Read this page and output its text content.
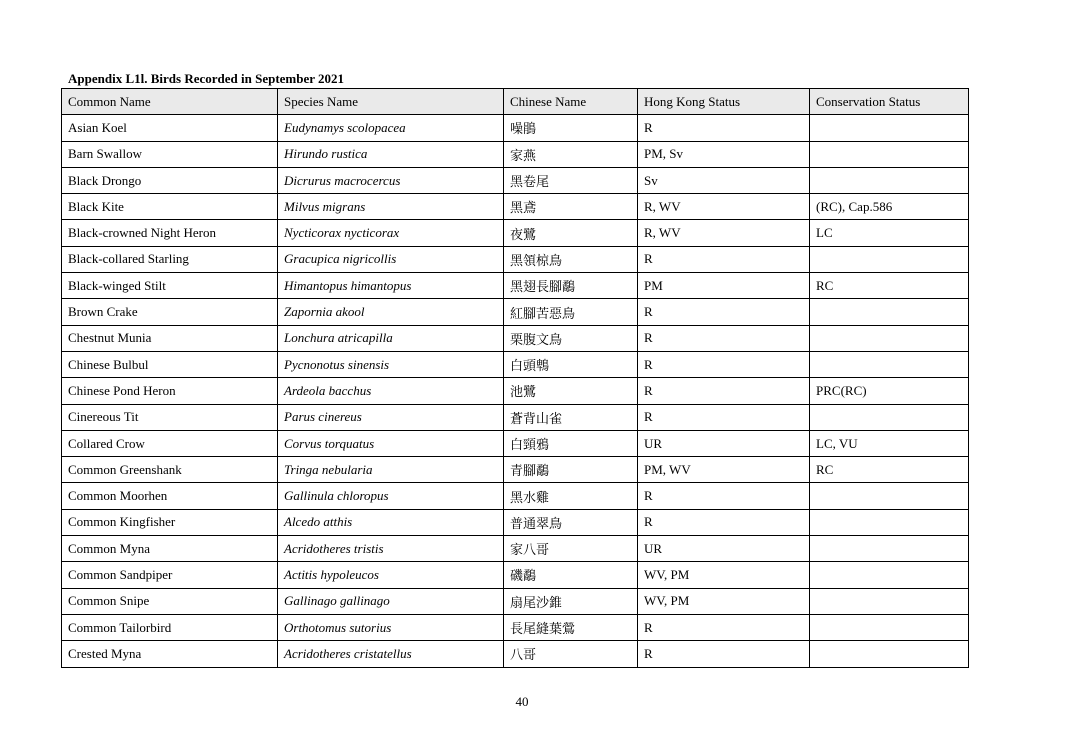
Appendix L1l. Birds Recorded in September 2021
Common Name	Species Name	Chinese Name	Hong Kong Status	Conservation Status
Asian Koel	Eudynamys scolopacea	噪鵑	R	
Barn Swallow	Hirundo rustica	家燕	PM, Sv	
Black Drongo	Dicrurus macrocercus	黑卷尾	Sv	
Black Kite	Milvus migrans	黑鳶	R, WV	(RC), Cap.586
Black-crowned Night Heron	Nycticorax nycticorax	夜鷺	R, WV	LC
Black-collared Starling	Gracupica nigricollis	黑領椋鳥	R	
Black-winged Stilt	Himantopus himantopus	黑翅長腳鷸	PM	RC
Brown Crake	Zapornia akool	紅腳苦惡鳥	R	
Chestnut Munia	Lonchura atricapilla	栗腹文鳥	R	
Chinese Bulbul	Pycnonotus sinensis	白頭鵯	R	
Chinese Pond Heron	Ardeola bacchus	池鷺	R	PRC(RC)
Cinereous Tit	Parus cinereus	蒼背山雀	R	
Collared Crow	Corvus torquatus	白頸鴉	UR	LC, VU
Common Greenshank	Tringa nebularia	青腳鷸	PM, WV	RC
Common Moorhen	Gallinula chloropus	黑水雞	R	
Common Kingfisher	Alcedo atthis	普通翠鳥	R	
Common Myna	Acridotheres tristis	家八哥	UR	
Common Sandpiper	Actitis hypoleucos	磯鷸	WV, PM	
Common Snipe	Gallinago gallinago	扇尾沙錐	WV, PM	
Common Tailorbird	Orthotomus sutorius	長尾縫葉鶯	R	
Crested Myna	Acridotheres cristatellus	八哥	R	
40
